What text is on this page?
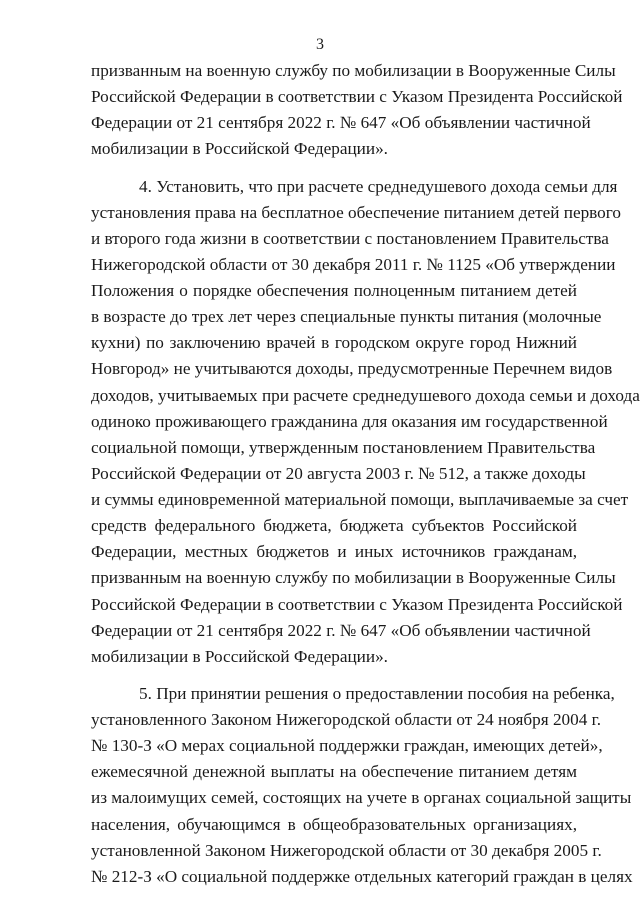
3
призванным на военную службу по мобилизации в Вооруженные Силы
Российской Федерации в соответствии с Указом Президента Российской
Федерации от 21 сентября 2022 г. № 647 «Об объявлении частичной
мобилизации в Российской Федерации».
4. Установить, что при расчете среднедушевого дохода семьи для
установления права на бесплатное обеспечение питанием детей первого
и второго года жизни в соответствии с постановлением Правительства
Нижегородской области от 30 декабря 2011 г. № 1125 «Об утверждении
Положения о порядке обеспечения полноценным питанием детей
в возрасте до трех лет через специальные пункты питания (молочные
кухни) по заключению врачей в городском округе город Нижний
Новгород» не учитываются доходы, предусмотренные Перечнем видов
доходов, учитываемых при расчете среднедушевого дохода семьи и дохода
одиноко проживающего гражданина для оказания им государственной
социальной помощи, утвержденным постановлением Правительства
Российской Федерации от 20 августа 2003 г. № 512, а также доходы
и суммы единовременной материальной помощи, выплачиваемые за счет
средств федерального бюджета, бюджета субъектов Российской
Федерации, местных бюджетов и иных источников гражданам,
призванным на военную службу по мобилизации в Вооруженные Силы
Российской Федерации в соответствии с Указом Президента Российской
Федерации от 21 сентября 2022 г. № 647 «Об объявлении частичной
мобилизации в Российской Федерации».
5. При принятии решения о предоставлении пособия на ребенка,
установленного Законом Нижегородской области от 24 ноября 2004 г.
№ 130-З «О мерах социальной поддержки граждан, имеющих детей»,
ежемесячной денежной выплаты на обеспечение питанием детям
из малоимущих семей, состоящих на учете в органах социальной защиты
населения, обучающимся в общеобразовательных организациях,
установленной Законом Нижегородской области от 30 декабря 2005 г.
№ 212-З «О социальной поддержке отдельных категорий граждан в целях
